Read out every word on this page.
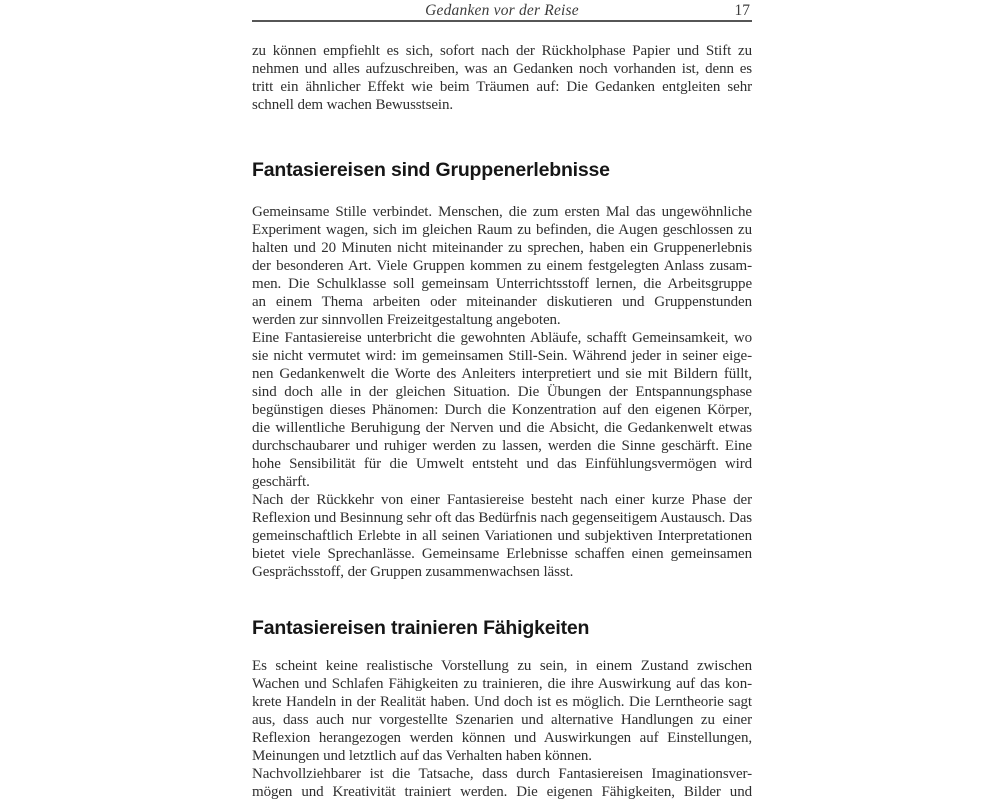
Gedanken vor der Reise	17
zu können empfiehlt es sich, sofort nach der Rückholphase Papier und Stift zu
nehmen und alles aufzuschreiben, was an Gedanken noch vorhanden ist, denn es
tritt ein ähnlicher Effekt wie beim Träumen auf: Die Gedanken entgleiten sehr
schnell dem wachen Bewusstsein.
Fantasiereisen sind Gruppenerlebnisse
Gemeinsame Stille verbindet. Menschen, die zum ersten Mal das ungewöhnliche
Experiment wagen, sich im gleichen Raum zu befinden, die Augen geschlossen zu
halten und 20 Minuten nicht miteinander zu sprechen, haben ein Gruppenerlebnis
der besonderen Art. Viele Gruppen kommen zu einem festgelegten Anlass zusam-
men. Die Schulklasse soll gemeinsam Unterrichtsstoff lernen, die Arbeitsgruppe
an einem Thema arbeiten oder miteinander diskutieren und Gruppenstunden
werden zur sinnvollen Freizeitgestaltung angeboten.
Eine Fantasiereise unterbricht die gewohnten Abläufe, schafft Gemeinsamkeit, wo
sie nicht vermutet wird: im gemeinsamen Still-Sein. Während jeder in seiner eige-
nen Gedankenwelt die Worte des Anleiters interpretiert und sie mit Bildern füllt,
sind doch alle in der gleichen Situation. Die Übungen der Entspannungsphase
begünstigen dieses Phänomen: Durch die Konzentration auf den eigenen Körper,
die willentliche Beruhigung der Nerven und die Absicht, die Gedankenwelt etwas
durchschaubarer und ruhiger werden zu lassen, werden die Sinne geschärft. Eine
hohe Sensibilität für die Umwelt entsteht und das Einfühlungsvermögen wird
geschärft.
Nach der Rückkehr von einer Fantasiereise besteht nach einer kurze Phase der
Reflexion und Besinnung sehr oft das Bedürfnis nach gegenseitigem Austausch. Das
gemeinschaftlich Erlebte in all seinen Variationen und subjektiven Interpretationen
bietet viele Sprechanlässe. Gemeinsame Erlebnisse schaffen einen gemeinsamen
Gesprächsstoff, der Gruppen zusammenwachsen lässt.
Fantasiereisen trainieren Fähigkeiten
Es scheint keine realistische Vorstellung zu sein, in einem Zustand zwischen
Wachen und Schlafen Fähigkeiten zu trainieren, die ihre Auswirkung auf das kon-
krete Handeln in der Realität haben. Und doch ist es möglich. Die Lerntheorie sagt
aus, dass auch nur vorgestellte Szenarien und alternative Handlungen zu einer
Reflexion herangezogen werden können und Auswirkungen auf Einstellungen,
Meinungen und letztlich auf das Verhalten haben können.
Nachvollziehbarer ist die Tatsache, dass durch Fantasiereisen Imaginationsver-
mögen und Kreativität trainiert werden. Die eigenen Fähigkeiten, Bilder und
